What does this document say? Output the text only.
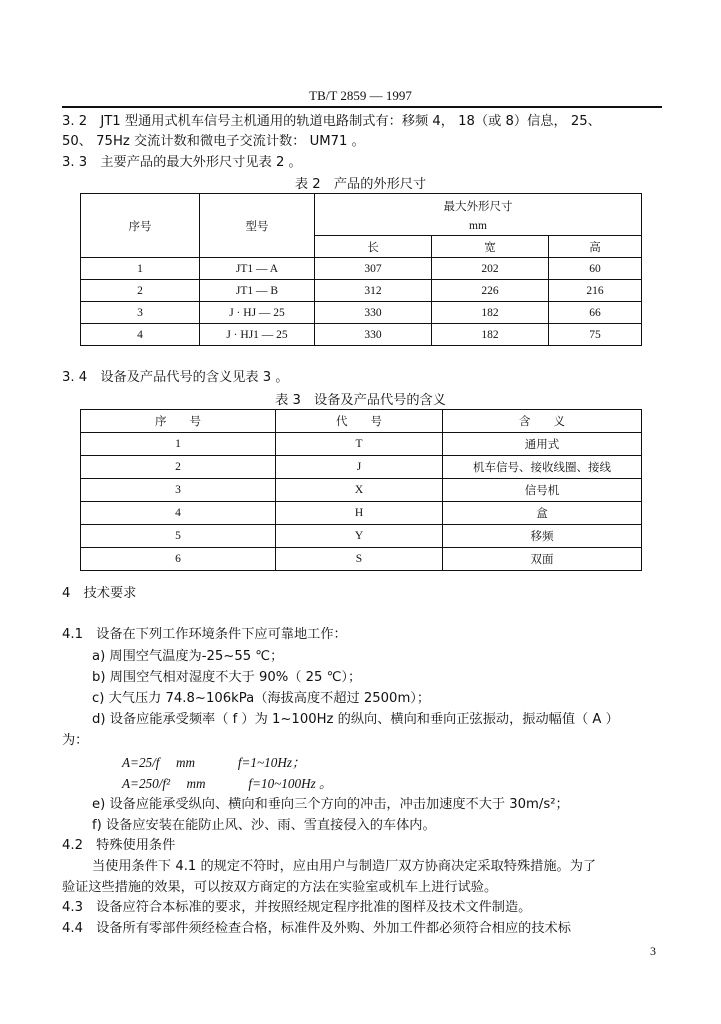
TB/T 2859 — 1997
3. 2　JT1 型通用式机车信号主机通用的轨道电路制式有：移频 4， 18（或 8）信息， 25、
50、 75Hz 交流计数和微电子交流计数： UM71 。
3. 3　主要产品的最大外形尺寸见表 2 。
表 2　产品的外形尺寸
序号	型号	最大外形尺寸
mm		

		长	宽	高
1	JT1 — A	307	202	60
2	JT1 — B	312	226	216
3	J · HJ — 25	330	182	66
4	J · HJ1 — 25	330	182	75
3. 4　设备及产品代号的含义见表 3 。
表 3　设备及产品代号的含义
序　　号	代　　号	含　　义
1	T	通用式
2	J	机车信号、接收线圈、接线
3	X	信号机
4	H	盒
5	Y	移频
6	S	双面
4　技术要求
4.1　设备在下列工作环境条件下应可靠地工作：
a) 周围空气温度为-25~55 ℃；
b) 周围空气相对湿度不大于 90%（ 25 ℃）；
c) 大气压力 74.8~106kPa（海拔高度不超过 2500m）；
d) 设备应能承受频率（ f ）为 1~100Hz 的纵向、横向和垂向正弦振动，振动幅值（ A ）
为：
A=25/f　 mm　　　 f=1~10Hz；
A=250/f²　 mm　　　 f=10~100Hz 。
e) 设备应能承受纵向、横向和垂向三个方向的冲击，冲击加速度不大于 30m/s²；
f) 设备应安装在能防止风、沙、雨、雪直接侵入的车体内。
4.2　特殊使用条件
当使用条件下 4.1 的规定不符时，应由用户与制造厂双方协商决定采取特殊措施。为了
验证这些措施的效果，可以按双方商定的方法在实验室或机车上进行试验。
4.3　设备应符合本标准的要求，并按照经规定程序批准的图样及技术文件制造。
4.4　设备所有零部件须经检查合格，标准件及外购、外加工件都必须符合相应的技术标
3
